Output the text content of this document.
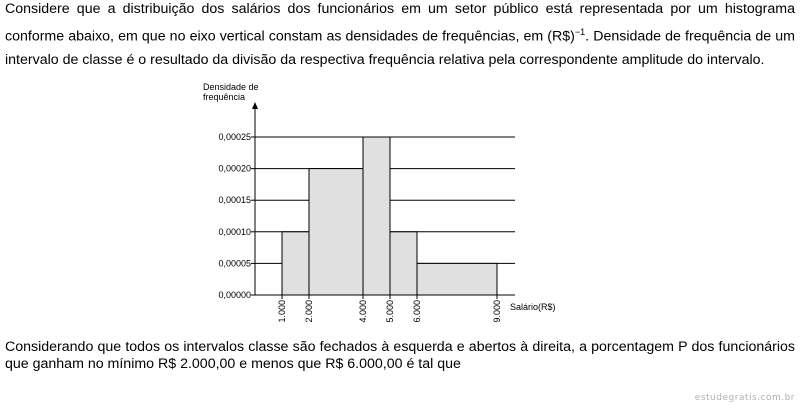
Considere que a distribuição dos salários dos funcionários em um setor público está representada por um histograma conforme abaixo, em que no eixo vertical constam as densidades de frequências, em (R$)$^{-1}$. Densidade de frequência de um intervalo de classe é o resultado da divisão da respectiva frequência relativa pela correspondente amplitude do intervalo.

Densidade de
frequência
Salário(R$)
0,00000
0,00005
0,00010
0,00015
0,00020
0,00025
1.000 2.000	4.000 5.000 6.000	9.000

Considerando que todos os intervalos classe são fechados à esquerda e abertos à direita, a porcentagem P dos funcionários que ganham no mínimo R$ 2.000,00 e menos que R$ 6.000,00 é tal que

estudegratis.com.br
